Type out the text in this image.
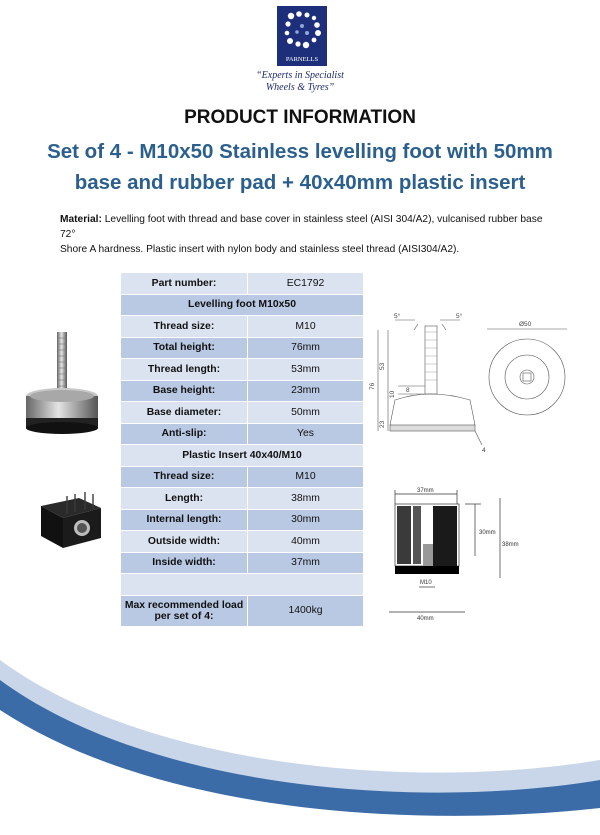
PARNELLS
“Experts in Specialist
Wheels & Tyres”
PRODUCT INFORMATION
Set of 4 - M10x50 Stainless levelling foot with 50mm
base and rubber pad + 40x40mm plastic insert
Material: Levelling foot with thread and base cover in stainless steel (AISI 304/A2), vulcanised rubber base 72°
Shore A hardness. Plastic insert with nylon body and stainless steel thread (AISI304/A2).
Part number:	EC1792
Levelling foot M10x50	
Thread size:	M10
Total height:	76mm
Thread length:	53mm
Base height:	23mm
Base diameter:	50mm
Anti-slip:	Yes
Plastic Insert 40x40/M10	
Thread size:	M10
Length:	38mm
Internal length:	30mm
Outside width:	40mm
Inside width:	37mm

Max recommended load
per set of 4:	1400kg
5°	5°
76
53
10
8
23
4
Ø50
37mm
30mm
38mm
M10
40mm
